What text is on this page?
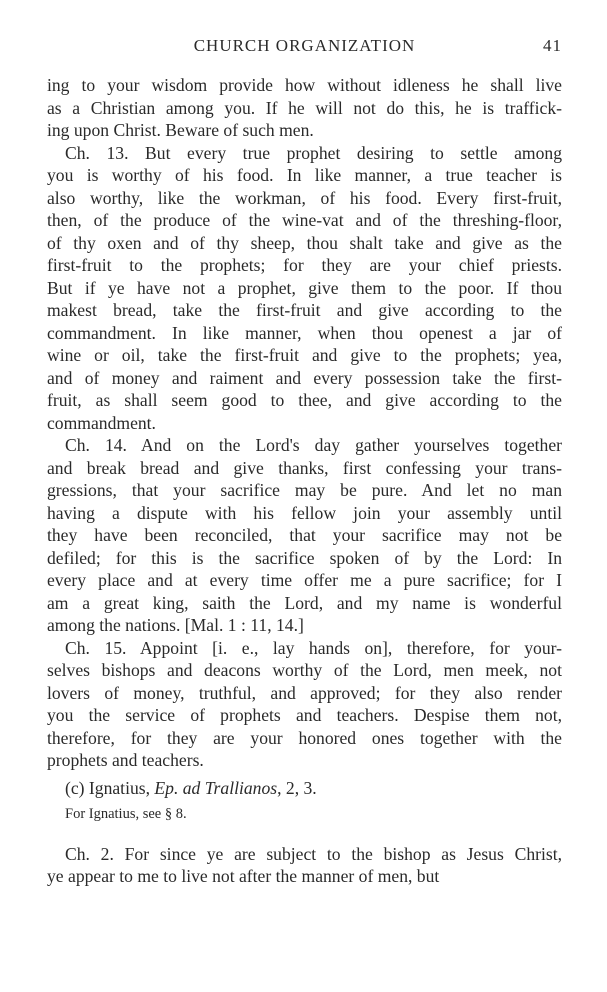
CHURCH ORGANIZATION	41
ing to your wisdom provide how without idleness he shall live
as a Christian among you. If he will not do this, he is traffick-
ing upon Christ. Beware of such men.
Ch. 13. But every true prophet desiring to settle among
you is worthy of his food. In like manner, a true teacher is
also worthy, like the workman, of his food. Every first-fruit,
then, of the produce of the wine-vat and of the threshing-floor,
of thy oxen and of thy sheep, thou shalt take and give as the
first-fruit to the prophets; for they are your chief priests.
But if ye have not a prophet, give them to the poor. If thou
makest bread, take the first-fruit and give according to the
commandment. In like manner, when thou openest a jar of
wine or oil, take the first-fruit and give to the prophets; yea,
and of money and raiment and every possession take the first-
fruit, as shall seem good to thee, and give according to the
commandment.
Ch. 14. And on the Lord's day gather yourselves together
and break bread and give thanks, first confessing your trans-
gressions, that your sacrifice may be pure. And let no man
having a dispute with his fellow join your assembly until
they have been reconciled, that your sacrifice may not be
defiled; for this is the sacrifice spoken of by the Lord: In
every place and at every time offer me a pure sacrifice; for I
am a great king, saith the Lord, and my name is wonderful
among the nations. [Mal. 1 : 11, 14.]
Ch. 15. Appoint [i. e., lay hands on], therefore, for your-
selves bishops and deacons worthy of the Lord, men meek, not
lovers of money, truthful, and approved; for they also render
you the service of prophets and teachers. Despise them not,
therefore, for they are your honored ones together with the
prophets and teachers.
(c) Ignatius, Ep. ad Trallianos, 2, 3.
For Ignatius, see § 8.
Ch. 2. For since ye are subject to the bishop as Jesus Christ,
ye appear to me to live not after the manner of men, but
